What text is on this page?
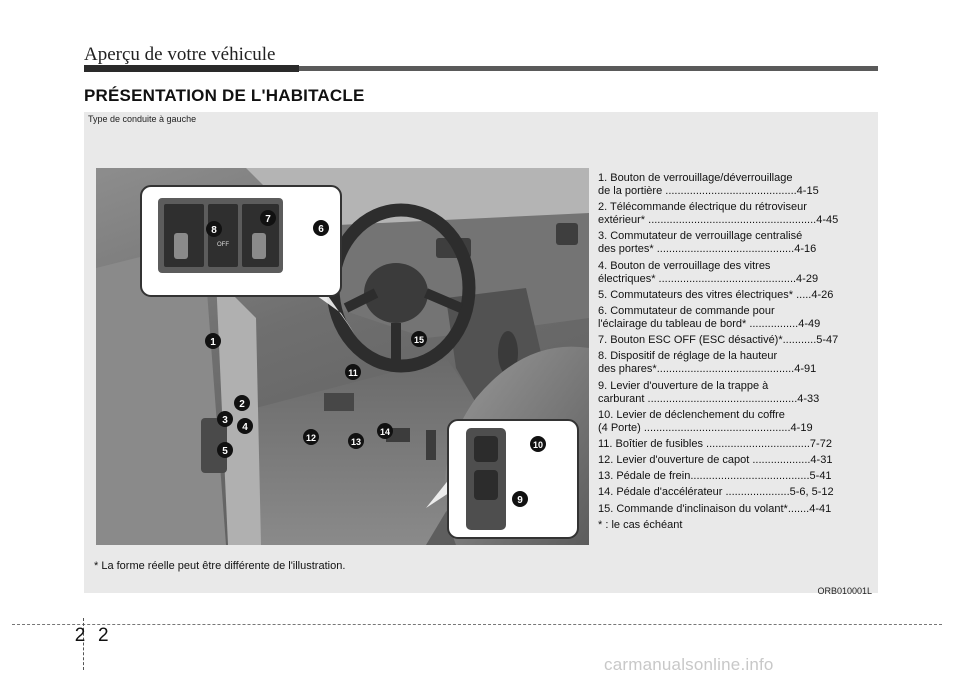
Aperçu de votre véhicule
PRÉSENTATION DE L'HABITACLE
Type de conduite à gauche
OFF
8
7
6
1
2
3
4
5
11
12	13
14
15
10
9
1. Bouton de verrouillage/déverrouillage
de la portière ...........................................4-15
2. Télécommande électrique du rétroviseur
extérieur* .......................................................4-45
3. Commutateur de verrouillage centralisé
des portes* .............................................4-16
4. Bouton de verrouillage des vitres
électriques* .............................................4-29
5. Commutateurs des vitres électriques* .....4-26
6. Commutateur de commande pour
l'éclairage du tableau de bord* ................4-49
7. Bouton ESC OFF (ESC désactivé)*...........5-47
8. Dispositif de réglage de la hauteur
des phares*.............................................4-91
9. Levier d'ouverture de la trappe à
carburant .................................................4-33
10. Levier de déclenchement du coffre
(4 Porte) ................................................4-19
11. Boîtier de fusibles ..................................7-72
12. Levier d'ouverture de capot ...................4-31
13. Pédale de frein.......................................5-41
14. Pédale d'accélérateur .....................5-6, 5-12
15. Commande d'inclinaison du volant*.......4-41
* : le cas échéant
* La forme réelle peut être différente de l'illustration.
ORB010001L
2 2
carmanualsonline.info
